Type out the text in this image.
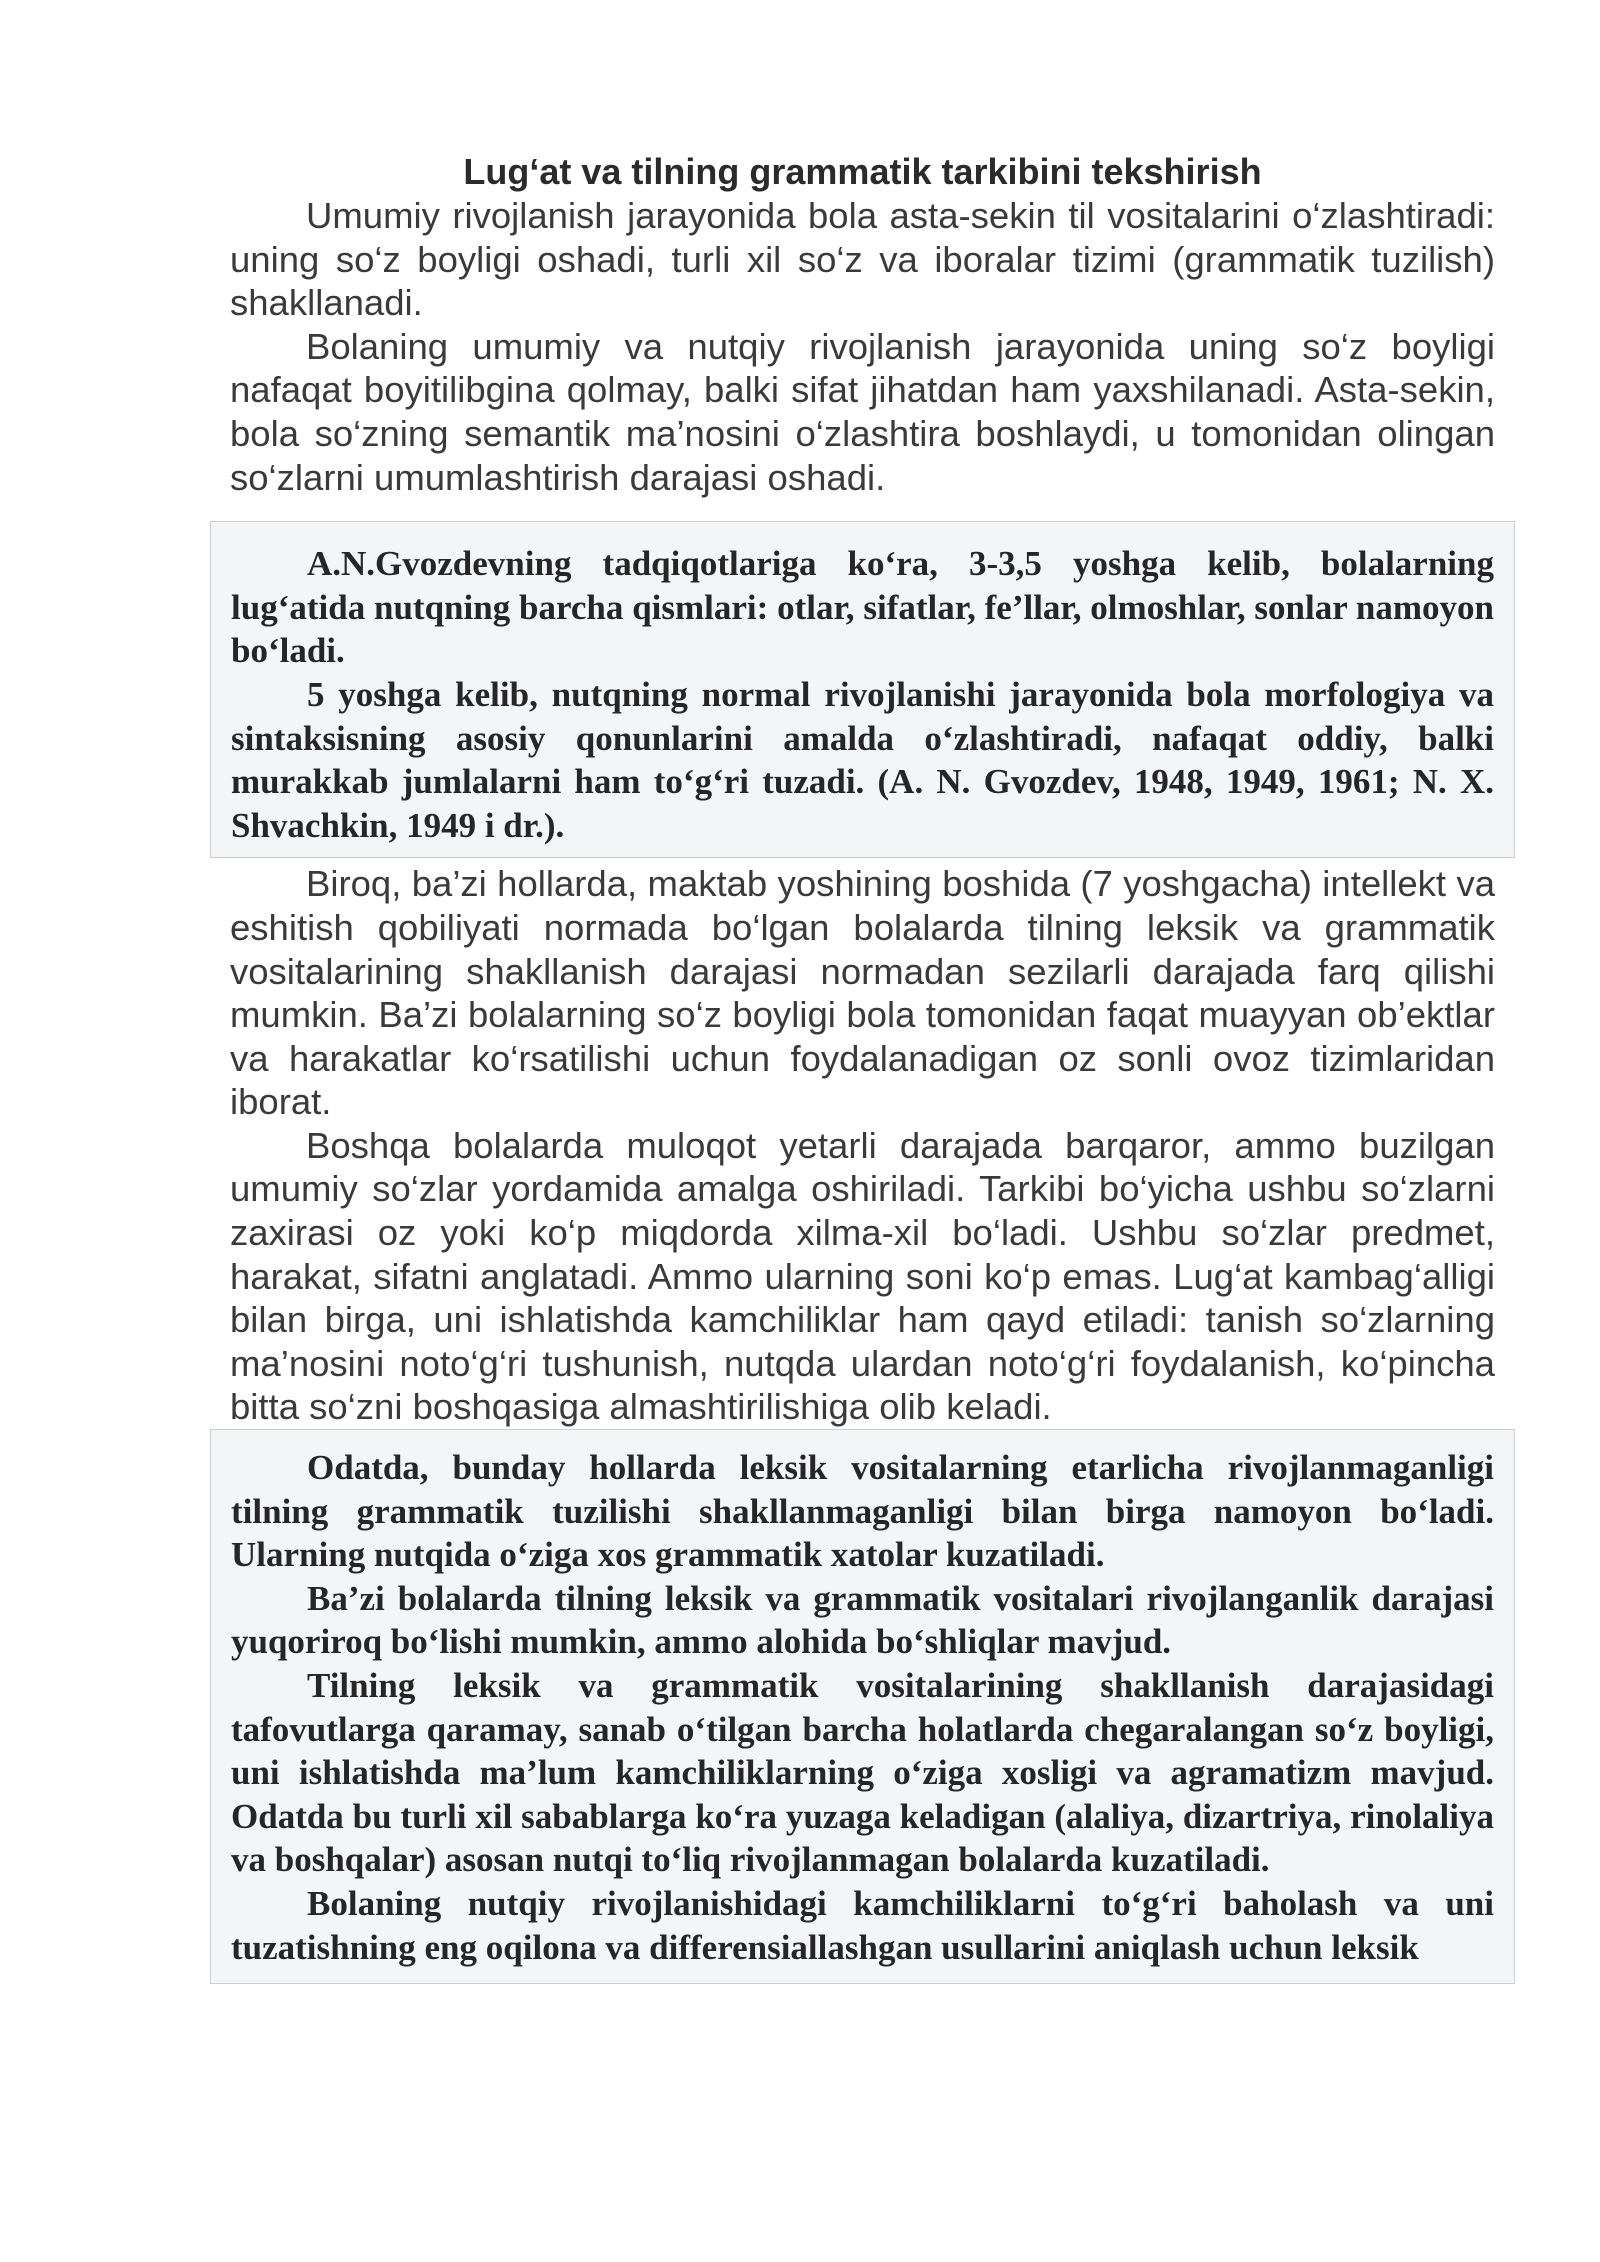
Lug‘at va tilning grammatik tarkibini tekshirish

Umumiy rivojlanish jarayonida bola asta-sekin til vositalarini o‘zlashtiradi: uning so‘z boyligi oshadi, turli xil so‘z va iboralar tizimi (grammatik tuzilish) shakllanadi.

Bolaning umumiy va nutqiy rivojlanish jarayonida uning so‘z boyligi nafaqat boyitilibgina qolmay, balki sifat jihatdan ham yaxshilanadi. Asta-sekin, bola so‘zning semantik ma’nosini o‘zlashtira boshlaydi, u tomonidan olingan so‘zlarni umumlashtirish darajasi oshadi.

A.N.Gvozdevning tadqiqotlariga ko‘ra, 3-3,5 yoshga kelib, bolalarning lug‘atida nutqning barcha qismlari: otlar, sifatlar, fe’llar, olmoshlar, sonlar namoyon bo‘ladi.

5 yoshga kelib, nutqning normal rivojlanishi jarayonida bola morfologiya va sintaksisning asosiy qonunlarini amalda o‘zlashtiradi, nafaqat oddiy, balki murakkab jumlalarni ham to‘g‘ri tuzadi. (A. N. Gvozdev, 1948, 1949, 1961; N. X. Shvachkin, 1949 i dr.).

Biroq, ba’zi hollarda, maktab yoshining boshida (7 yoshgacha) intellekt va eshitish qobiliyati normada bo‘lgan bolalarda tilning leksik va grammatik vositalarining shakllanish darajasi normadan sezilarli darajada farq qilishi mumkin. Ba’zi bolalarning so‘z boyligi bola tomonidan faqat muayyan ob’ektlar va harakatlar ko‘rsatilishi uchun foydalanadigan oz sonli ovoz tizimlaridan iborat.

Boshqa bolalarda muloqot yetarli darajada barqaror, ammo buzilgan umumiy so‘zlar yordamida amalga oshiriladi. Tarkibi bo‘yicha ushbu so‘zlarni zaxirasi oz yoki ko‘p miqdorda xilma-xil bo‘ladi. Ushbu so‘zlar predmet, harakat, sifatni anglatadi. Ammo ularning soni ko‘p emas. Lug‘at kambag‘alligi bilan birga, uni ishlatishda kamchiliklar ham qayd etiladi: tanish so‘zlarning ma’nosini noto‘g‘ri tushunish, nutqda ulardan noto‘g‘ri foydalanish, ko‘pincha bitta so‘zni boshqasiga almashtirilishiga olib keladi.

Odatda, bunday hollarda leksik vositalarning etarlicha rivojlanmaganligi tilning grammatik tuzilishi shakllanmaganligi bilan birga namoyon bo‘ladi. Ularning nutqida o‘ziga xos grammatik xatolar kuzatiladi.

Ba’zi bolalarda tilning leksik va grammatik vositalari rivojlanganlik darajasi yuqoriroq bo‘lishi mumkin, ammo alohida bo‘shliqlar mavjud.

Tilning leksik va grammatik vositalarining shakllanish darajasidagi tafovutlarga qaramay, sanab o‘tilgan barcha holatlarda chegaralangan so‘z boyligi, uni ishlatishda ma’lum kamchiliklarning o‘ziga xosligi va agramatizm mavjud. Odatda bu turli xil sabablarga ko‘ra yuzaga keladigan (alaliya, dizartriya, rinolaliya va boshqalar) asosan nutqi to‘liq rivojlanmagan bolalarda kuzatiladi.

Bolaning nutqiy rivojlanishidagi kamchiliklarni to‘g‘ri baholash va uni tuzatishning eng oqilona va differensiallashgan usullarini aniqlash uchun leksik
